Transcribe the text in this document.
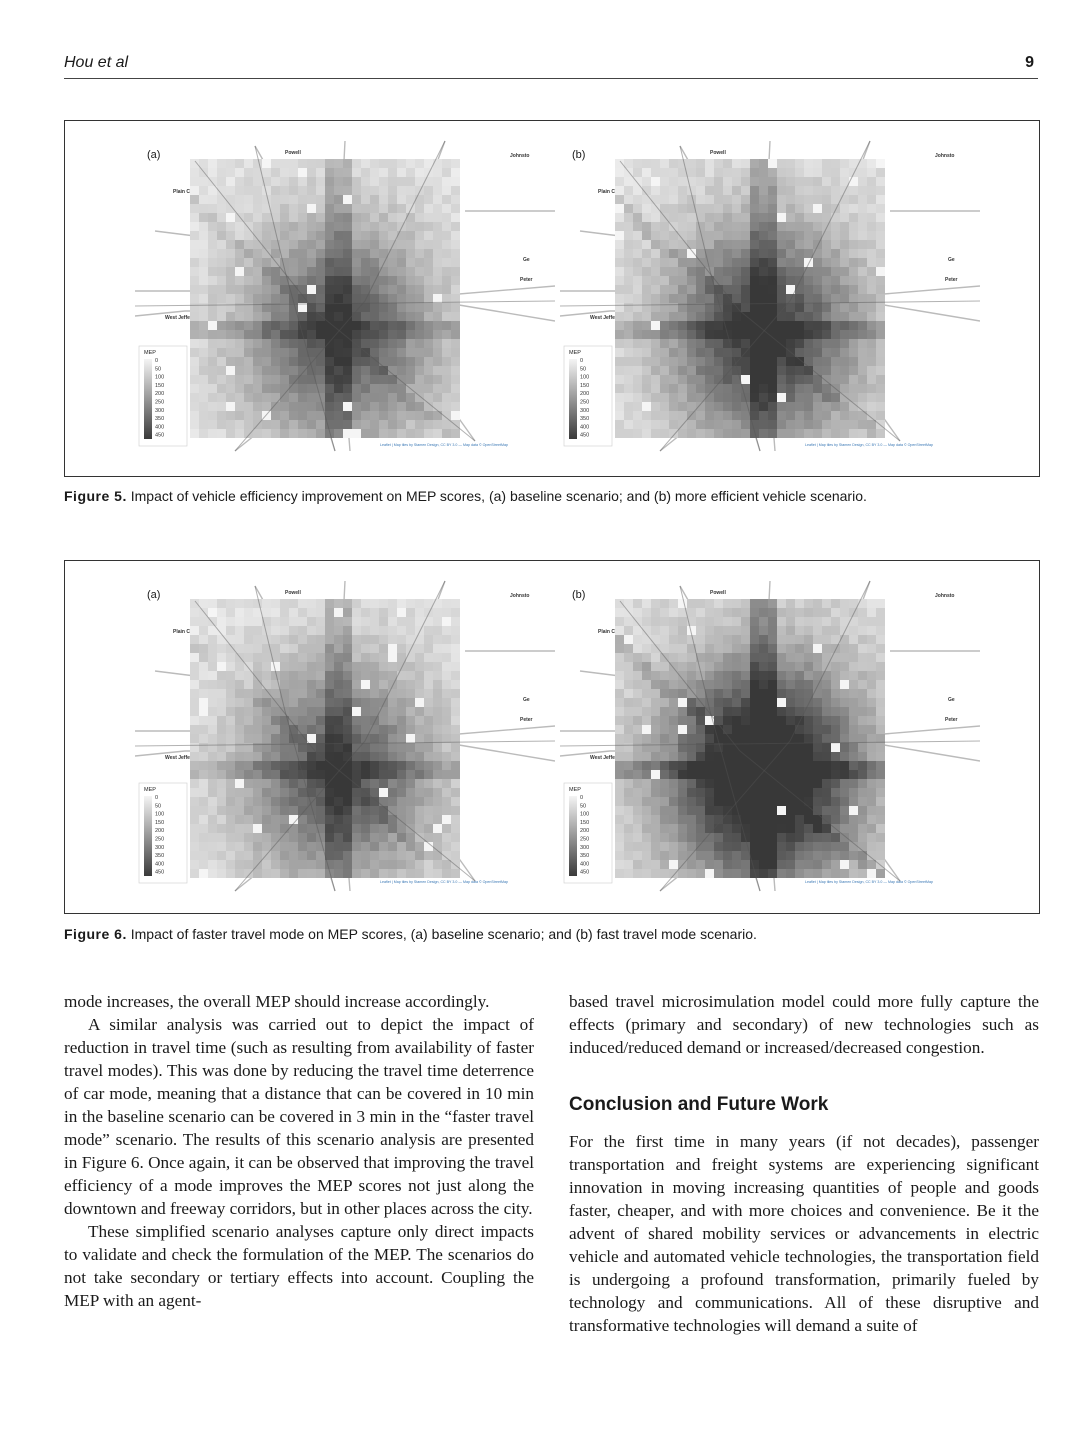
Hou et al	9
Powell	Johnsto
Plain C
Ge
Peter
West Jeffe
MEP
0
50
100
150
200
250
300
350
400
450
Leaflet | Map tiles by Stamen Design, CC BY 3.0 — Map data © OpenStreetMap
(a)	Powell	Johnsto
Plain C
Ge
Peter
West Jeffe
MEP
0
50
100
150
200
250
300
350
400
450
Leaflet | Map tiles by Stamen Design, CC BY 3.0 — Map data © OpenStreetMap
(b)
Figure 5. Impact of vehicle efficiency improvement on MEP scores, (a) baseline scenario; and (b) more efficient vehicle scenario.
Powell	Johnsto
Plain C
Ge
Peter
West Jeffe
MEP
0
50
100
150
200
250
300
350
400
450
Leaflet | Map tiles by Stamen Design, CC BY 3.0 — Map data © OpenStreetMap
(a)	Powell	Johnsto
Plain C
Ge
Peter
West Jeffe
MEP
0
50
100
150
200
250
300
350
400
450
Leaflet | Map tiles by Stamen Design, CC BY 3.0 — Map data © OpenStreetMap
(b)
Figure 6. Impact of faster travel mode on MEP scores, (a) baseline scenario; and (b) fast travel mode scenario.

mode increases, the overall MEP should increase accordingly.

A similar analysis was carried out to depict the impact of reduction in travel time (such as resulting from availability of faster travel modes). This was done by reducing the travel time deterrence of car mode, meaning that a distance that can be covered in 10 min in the baseline scenario can be covered in 3 min in the “faster travel mode” scenario. The results of this scenario analysis are presented in Figure 6. Once again, it can be observed that improving the travel efficiency of a mode improves the MEP scores not just along the downtown and freeway corridors, but in other places across the city.

These simplified scenario analyses capture only direct impacts to validate and check the formulation of the MEP. The scenarios do not take secondary or tertiary effects into account. Coupling the MEP with an agent-

based travel microsimulation model could more fully capture the effects (primary and secondary) of new technologies such as induced/reduced demand or increased/decreased congestion.

Conclusion and Future Work

For the first time in many years (if not decades), passenger transportation and freight systems are experiencing significant innovation in moving increasing quantities of people and goods faster, cheaper, and with more choices and convenience. Be it the advent of shared mobility services or advancements in electric vehicle and automated vehicle technologies, the transportation field is undergoing a profound transformation, primarily fueled by technology and communications. All of these disruptive and transformative technologies will demand a suite of
